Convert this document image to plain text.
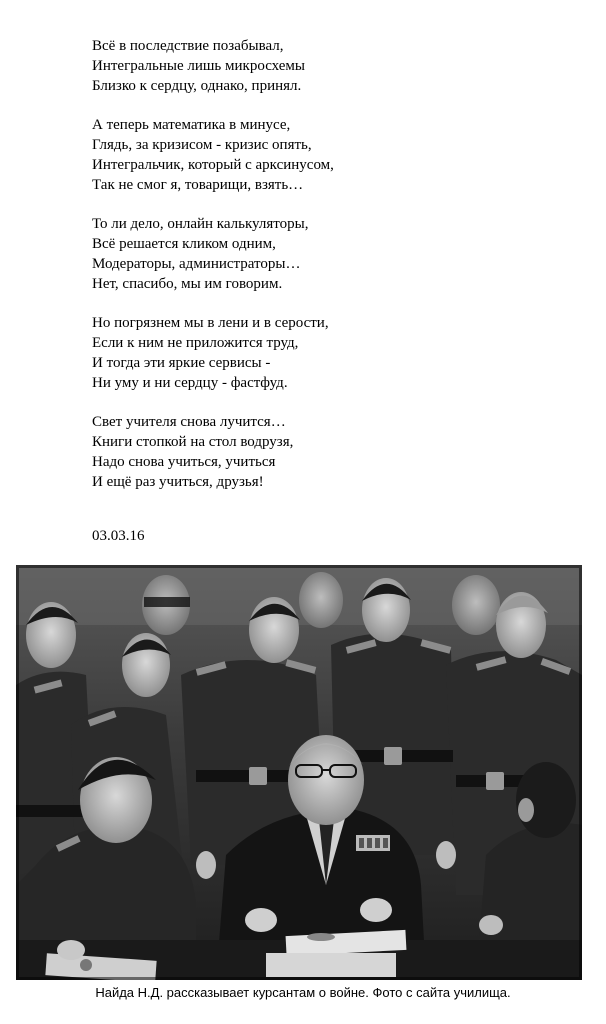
Всё в последствие позабывал,
Интегральные лишь микросхемы
Близко к сердцу, однако, принял.
А теперь математика в минусе,
Глядь, за кризисом - кризис опять,
Интегральчик, который с арксинусом,
Так не смог я, товарищи, взять…
То ли дело, онлайн калькуляторы,
Всё решается кликом одним,
Модераторы, администраторы…
Нет, спасибо, мы им говорим.
Но погрязнем мы в лени и в серости,
Если к ним не приложится труд,
И тогда эти яркие сервисы -
Ни уму и ни сердцу - фастфуд.
Свет учителя снова лучится…
Книги стопкой на стол водрузя,
Надо снова учиться, учиться
И ещё раз учиться, друзья!
03.03.16
Найда Н.Д. рассказывает курсантам о войне. Фото с сайта училища.
